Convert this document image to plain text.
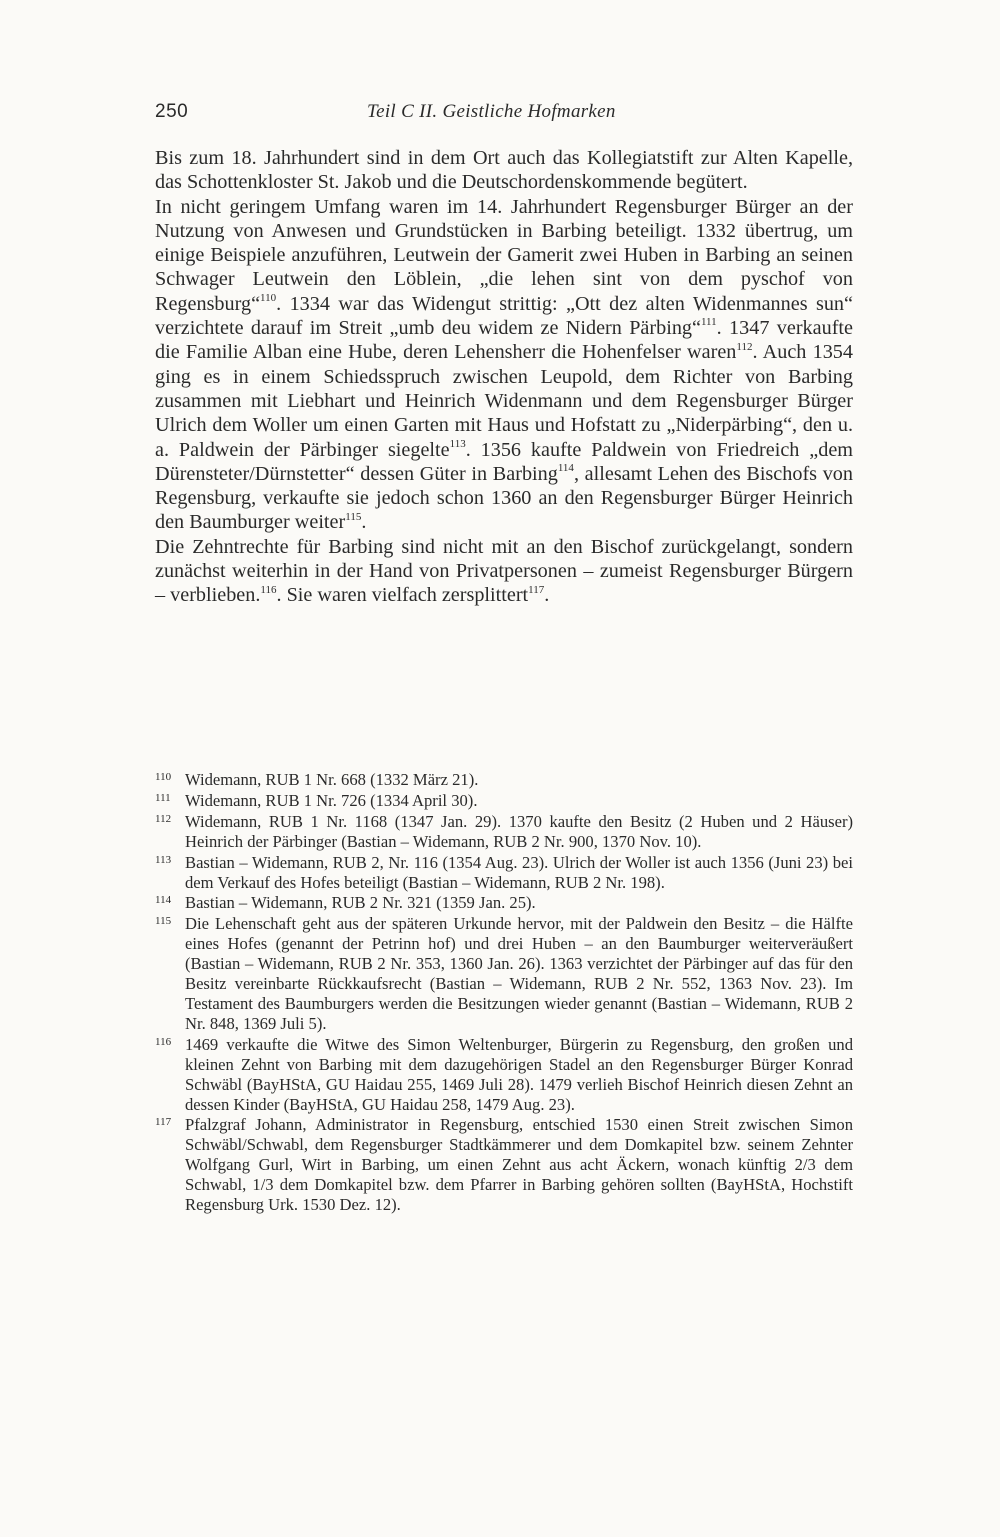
250	Teil C II. Geistliche Hofmarken

Bis zum 18. Jahrhundert sind in dem Ort auch das Kollegiatstift zur Alten Kapelle, das Schottenkloster St. Jakob und die Deutschordenskommende begütert.

In nicht geringem Umfang waren im 14. Jahrhundert Regensburger Bürger an der Nutzung von Anwesen und Grundstücken in Barbing beteiligt. 1332 übertrug, um einige Beispiele anzuführen, Leutwein der Gamerit zwei Huben in Barbing an seinen Schwager Leutwein den Löblein, „die lehen sint von dem pyschof von Regensburg“$^{110}$. 1334 war das Widengut strittig: „Ott dez alten Widenmannes sun“ verzichtete darauf im Streit „umb deu widem ze Nidern Pärbing“$^{111}$. 1347 verkaufte die Familie Alban eine Hube, deren Lehensherr die Hohenfelser waren$^{112}$. Auch 1354 ging es in einem Schiedsspruch zwischen Leupold, dem Richter von Barbing zusammen mit Liebhart und Heinrich Widenmann und dem Regensburger Bürger Ulrich dem Woller um einen Garten mit Haus und Hofstatt zu „Niderpärbing“, den u. a. Paldwein der Pärbinger siegelte$^{113}$. 1356 kaufte Paldwein von Friedreich „dem Dürensteter/Dürnstetter“ dessen Güter in Barbing$^{114}$, allesamt Lehen des Bischofs von Regensburg, verkaufte sie jedoch schon 1360 an den Regensburger Bürger Heinrich den Baumburger weiter$^{115}$.

Die Zehntrechte für Barbing sind nicht mit an den Bischof zurückgelangt, sondern zunächst weiterhin in der Hand von Privatpersonen – zumeist Regensburger Bürgern – verblieben.$^{116}$. Sie waren vielfach zersplittert$^{117}$.

110 Widemann, RUB 1 Nr. 668 (1332 März 21).
111 Widemann, RUB 1 Nr. 726 (1334 April 30).
112 Widemann, RUB 1 Nr. 1168 (1347 Jan. 29). 1370 kaufte den Besitz (2 Huben und 2 Häuser) Heinrich der Pärbinger (Bastian – Widemann, RUB 2 Nr. 900, 1370 Nov. 10).
113 Bastian – Widemann, RUB 2, Nr. 116 (1354 Aug. 23). Ulrich der Woller ist auch 1356 (Juni 23) bei dem Verkauf des Hofes beteiligt (Bastian – Widemann, RUB 2 Nr. 198).
114 Bastian – Widemann, RUB 2 Nr. 321 (1359 Jan. 25).
115 Die Lehenschaft geht aus der späteren Urkunde hervor, mit der Paldwein den Besitz – die Hälfte eines Hofes (genannt der Petrinn hof) und drei Huben – an den Baumburger weiterveräußert (Bastian – Widemann, RUB 2 Nr. 353, 1360 Jan. 26). 1363 verzichtet der Pärbinger auf das für den Besitz vereinbarte Rückkaufsrecht (Bastian – Widemann, RUB 2 Nr. 552, 1363 Nov. 23). Im Testament des Baumburgers werden die Besitzungen wieder genannt (Bastian – Widemann, RUB 2 Nr. 848, 1369 Juli 5).
116 1469 verkaufte die Witwe des Simon Weltenburger, Bürgerin zu Regensburg, den großen und kleinen Zehnt von Barbing mit dem dazugehörigen Stadel an den Regensburger Bürger Konrad Schwäbl (BayHStA, GU Haidau 255, 1469 Juli 28). 1479 verlieh Bischof Heinrich diesen Zehnt an dessen Kinder (BayHStA, GU Haidau 258, 1479 Aug. 23).
117 Pfalzgraf Johann, Administrator in Regensburg, entschied 1530 einen Streit zwischen Simon Schwäbl/Schwabl, dem Regensburger Stadtkämmerer und dem Domkapitel bzw. seinem Zehnter Wolfgang Gurl, Wirt in Barbing, um einen Zehnt aus acht Äckern, wonach künftig 2/3 dem Schwabl, 1/3 dem Domkapitel bzw. dem Pfarrer in Barbing gehören sollten (BayHStA, Hochstift Regensburg Urk. 1530 Dez. 12).
